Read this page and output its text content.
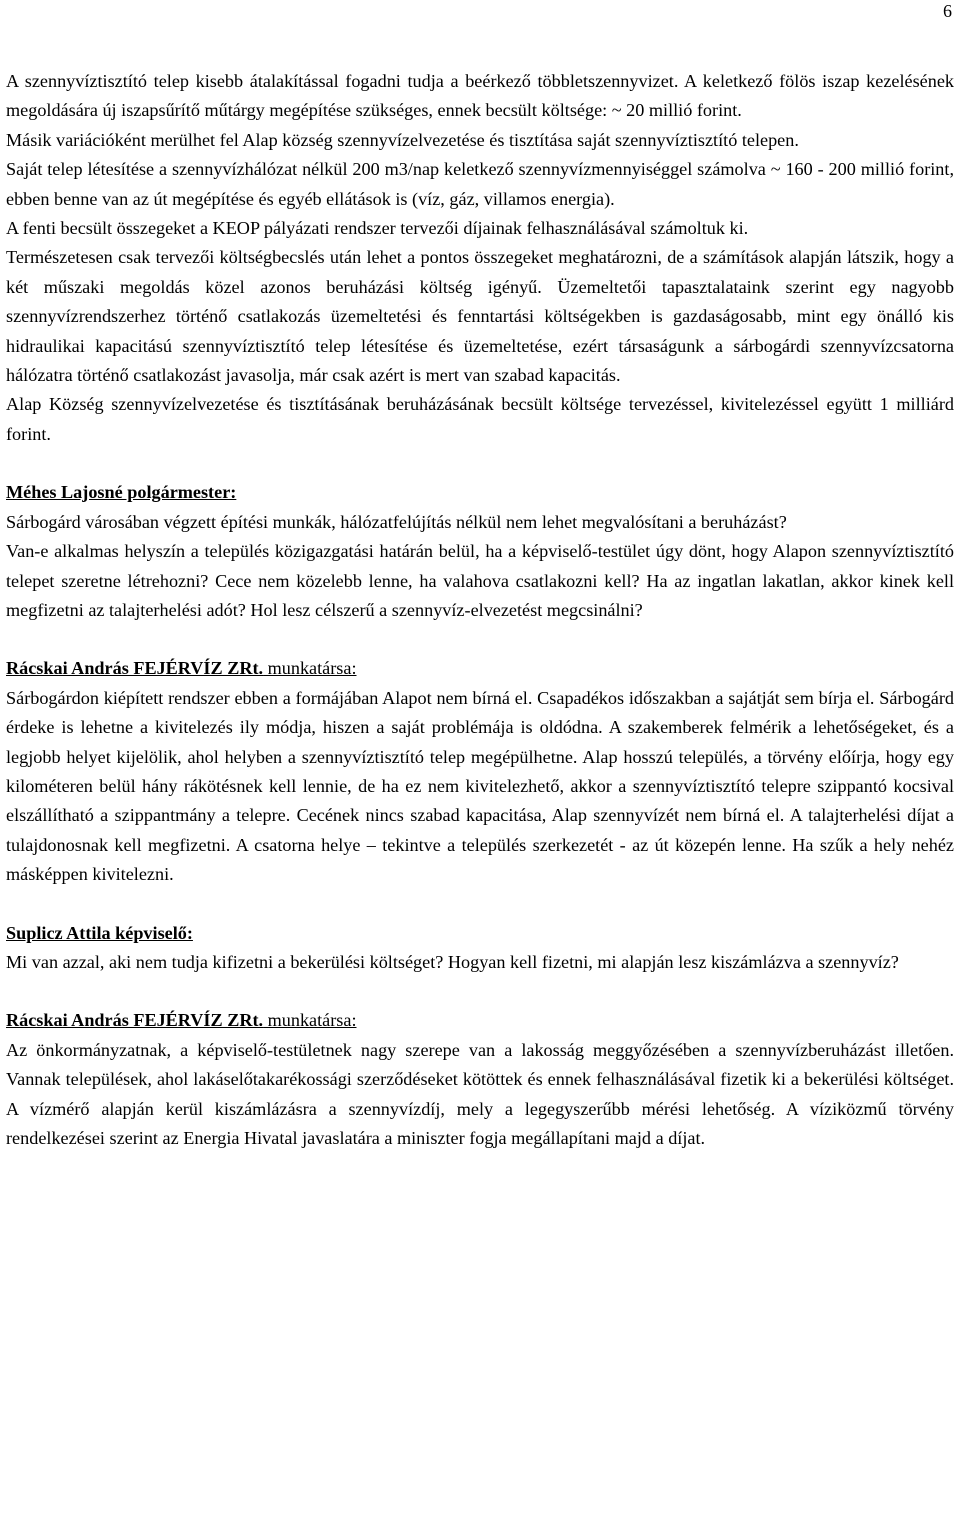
6

A szennyvíztisztító telep kisebb átalakítással fogadni tudja a beérkező többletszennyvizet. A keletkező fölös iszap kezelésének megoldására új iszapsűrítő műtárgy megépítése szükséges, ennek becsült költsége: ~ 20 millió forint.

Másik variációként merülhet fel Alap község szennyvízelvezetése és tisztítása saját szennyvíztisztító telepen.

Saját telep létesítése a szennyvízhálózat nélkül 200 m3/nap keletkező szennyvízmennyiséggel számolva ~ 160 - 200 millió forint, ebben benne van az út megépítése és egyéb ellátások is (víz, gáz, villamos energia).

A fenti becsült összegeket a KEOP pályázati rendszer tervezői díjainak felhasználásával számoltuk ki.

Természetesen csak tervezői költségbecslés után lehet a pontos összegeket meghatározni, de a számítások alapján látszik, hogy a két műszaki megoldás közel azonos beruházási költség igényű. Üzemeltetői tapasztalataink szerint egy nagyobb szennyvízrendszerhez történő csatlakozás üzemeltetési és fenntartási költségekben is gazdaságosabb, mint egy önálló kis hidraulikai kapacitású szennyvíztisztító telep létesítése és üzemeltetése, ezért társaságunk a sárbogárdi szennyvízcsatorna hálózatra történő csatlakozást javasolja, már csak azért is mert van szabad kapacitás.

Alap Község szennyvízelvezetése és tisztításának beruházásának becsült költsége tervezéssel, kivitelezéssel együtt 1 milliárd forint.

Méhes Lajosné polgármester:

Sárbogárd városában végzett építési munkák, hálózatfelújítás nélkül nem lehet megvalósítani a beruházást?

Van-e alkalmas helyszín a település közigazgatási határán belül, ha a képviselő-testület úgy dönt, hogy Alapon szennyvíztisztító telepet szeretne létrehozni? Cece nem közelebb lenne, ha valahova csatlakozni kell? Ha az ingatlan lakatlan, akkor kinek kell megfizetni az talajterhelési adót? Hol lesz célszerű a szennyvíz-elvezetést megcsinálni?

Rácskai András FEJÉRVÍZ ZRt. munkatársa:

Sárbogárdon kiépített rendszer ebben a formájában Alapot nem bírná el. Csapadékos időszakban a sajátját sem bírja el. Sárbogárd érdeke is lehetne a kivitelezés ily módja, hiszen a saját problémája is oldódna. A szakemberek felmérik a lehetőségeket, és a legjobb helyet kijelölik, ahol helyben a szennyvíztisztító telep megépülhetne. Alap hosszú település, a törvény előírja, hogy egy kilométeren belül hány rákötésnek kell lennie, de ha ez nem kivitelezhető, akkor a szennyvíztisztító telepre szippantó kocsival elszállítható a szippantmány a telepre. Cecének nincs szabad kapacitása, Alap szennyvízét nem bírná el. A talajterhelési díjat a tulajdonosnak kell megfizetni. A csatorna helye – tekintve a település szerkezetét - az út közepén lenne. Ha szűk a hely nehéz másképpen kivitelezni.

Suplicz Attila képviselő:

Mi van azzal, aki nem tudja kifizetni a bekerülési költséget? Hogyan kell fizetni, mi alapján lesz kiszámlázva a szennyvíz?

Rácskai András FEJÉRVÍZ ZRt. munkatársa:

Az önkormányzatnak, a képviselő-testületnek nagy szerepe van a lakosság meggyőzésében a szennyvízberuházást illetően. Vannak települések, ahol lakáselőtakarékossági szerződéseket kötöttek és ennek felhasználásával fizetik ki a bekerülési költséget. A vízmérő alapján kerül kiszámlázásra a szennyvízdíj, mely a legegyszerűbb mérési lehetőség. A víziközmű törvény rendelkezései szerint az Energia Hivatal javaslatára a miniszter fogja megállapítani majd a díjat.
